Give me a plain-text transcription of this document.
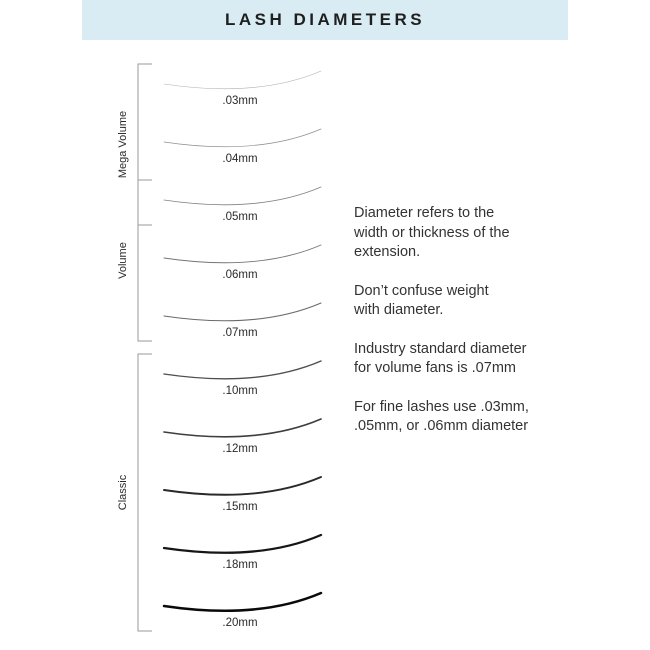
LASH DIAMETERS
.03mm
.04mm
.05mm
.06mm
.07mm
.10mm
.12mm
.15mm
.18mm
.20mm
Mega Volume
Volume
Classic

Diameter refers to the
width or thickness of the
extension.

Don’t confuse weight
with diameter.

Industry standard diameter
for volume fans is .07mm

For fine lashes use .03mm,
.05mm, or .06mm diameter
